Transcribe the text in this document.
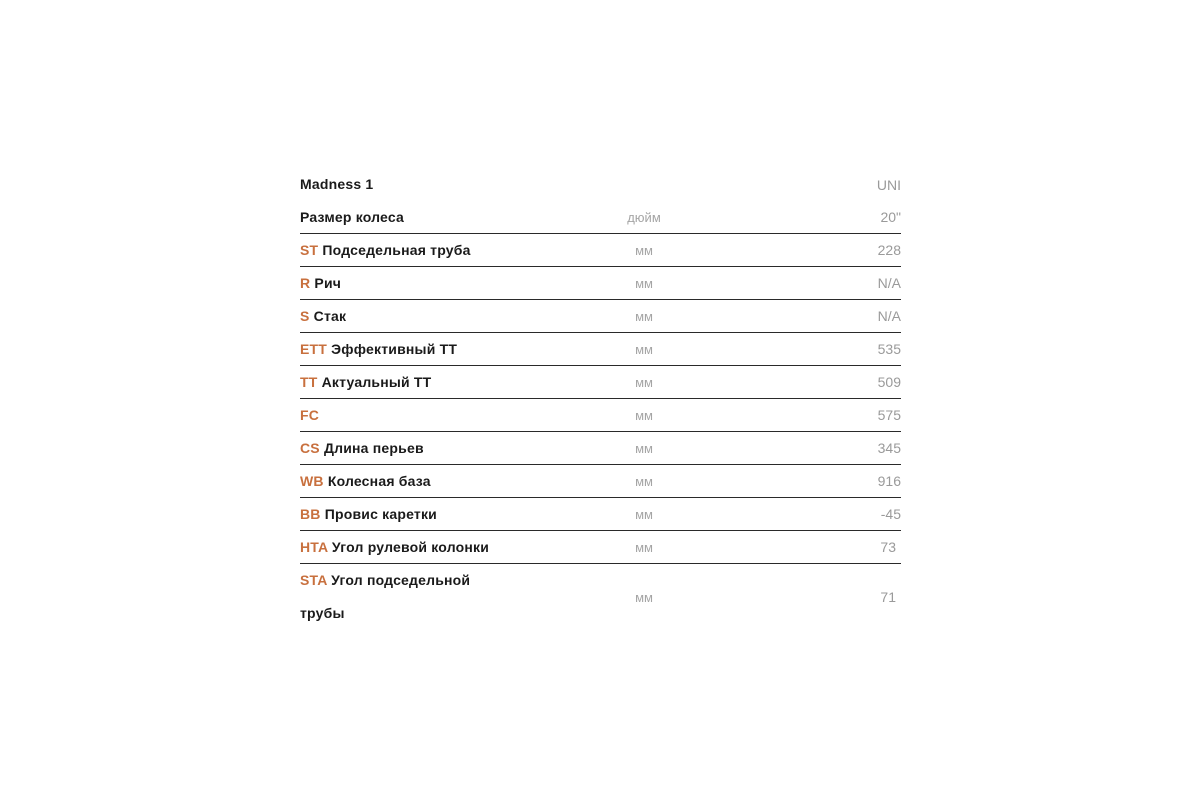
Madness 1	UNI
Размер колеса	дюйм	20"
ST Подседельная труба	мм	228
R Рич	мм	N/A
S Стак	мм	N/A
ETT Эффективный ТТ	мм	535
TT Актуальный ТТ	мм	509
FC	мм	575
CS Длина перьев	мм	345
WB Колесная база	мм	916
BB Провис каретки	мм	-45
HTA Угол рулевой колонки	мм	73
STA Угол подседельной
трубы
мм	71
